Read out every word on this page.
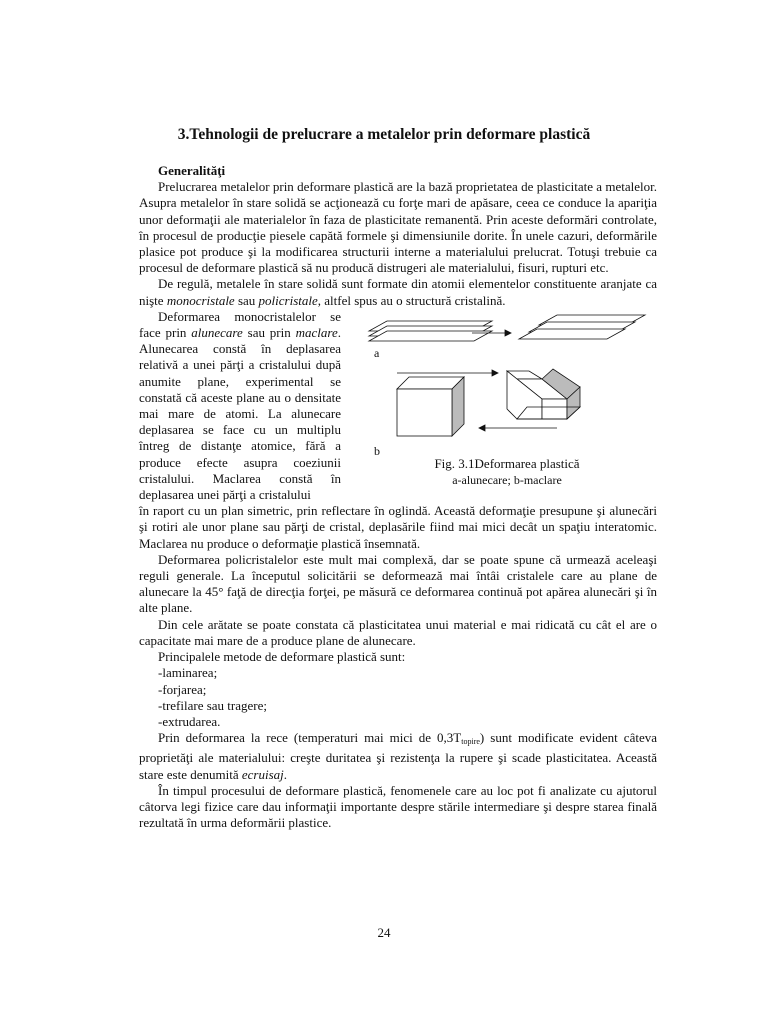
3.Tehnologii de prelucrare a metalelor prin deformare plastică
Generalităţi

Prelucrarea metalelor prin deformare plastică are la bază proprietatea de plasticitate a metalelor. Asupra metalelor în stare solidă se acţionează cu forţe mari de apăsare, ceea ce conduce la apariţia unor deformaţii ale materialelor în faza de plasticitate remanentă. Prin aceste deformări controlate, în procesul de producţie piesele capătă formele şi dimensiunile dorite. În unele cazuri, deformările plasice pot produce şi la modificarea structurii interne a materialului prelucrat. Totuşi trebuie ca procesul de deformare plastică să nu producă distrugeri ale materialului, fisuri, rupturi etc.

De regulă, metalele în stare solidă sunt formate din atomii elementelor constituente aranjate ca nişte monocristale sau policristale, altfel spus au o structură cristalină.

Deformarea monocristalelor se face prin alunecare sau prin maclare. Alunecarea constă în deplasarea relativă a unei părţi a cristalului după anumite plane, experimental se constată că aceste plane au o densitate mai mare de atomi. La alunecare deplasarea se face cu un multiplu întreg de distanţe atomice, fără a produce efecte asupra coeziunii cristalului. Maclarea constă în deplasarea unei părţi a cristalului

a
b
Fig. 3.1Deformarea plastică
a-alunecare; b-maclare

în raport cu un plan simetric, prin reflectare în oglindă. Această deformaţie presupune şi alunecări şi rotiri ale unor plane sau părţi de cristal, deplasările fiind mai mici decât un spaţiu interatomic. Maclarea nu produce o deformaţie plastică însemnată.

Deformarea policristalelor este mult mai complexă, dar se poate spune că urmează aceleaşi reguli generale. La începutul solicitării se deformează mai întâi cristalele care au plane de alunecare la 45° faţă de direcţia forţei, pe măsură ce deformarea continuă pot apărea alunecări şi în alte plane.

Din cele arătate se poate constata că plasticitatea unui material e mai ridicată cu cât el are o capacitate mai mare de a produce plane de alunecare.

Principalele metode de deformare plastică sunt:

-laminarea;
-forjarea;
-trefilare sau tragere;
-extrudarea.

Prin deformarea la rece (temperaturi mai mici de $0,3T_{topire}$) sunt modificate evident câteva proprietăţi ale materialului: creşte duritatea şi rezistenţa la rupere şi scade plasticitatea. Această stare este denumită ecruisaj.

În timpul procesului de deformare plastică, fenomenele care au loc pot fi analizate cu ajutorul câtorva legi fizice care dau informaţii importante despre stările intermediare şi despre starea finală rezultată în urma deformării plastice.

24
